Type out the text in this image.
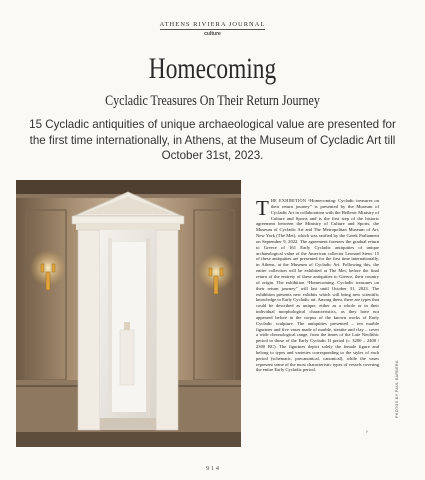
ATHENS RIVIERA JOURNAL
culture
Homecoming
Cycladic Treasures On Their Return Journey
15 Cycladic antiquities of unique archaeological value are presented for the first time internationally, in Athens, at the Museum of Cycladic Art till October 31st, 2023.
THE EXHIBITION “Homecoming: Cycladic treasures on their return journey” is presented by the Museum of Cycladic Art in collaboration with the Hellenic Ministry of Culture and Sports and is the first step of the historic agreement between the Ministry of Culture and Sports, the Museum of Cycladic Art and The Metropolitan Museum of Art, New York (The Met), which was ratified by the Greek Parliament on September 9, 2022. The agreement foresees the gradual return to Greece of 161 Early Cycladic antiquities of unique archaeological value of the American collector Leonard Stern. 15 of these antiquities are presented for the first time internationally, in Athens, at the Museum of Cycladic Art. Following this, the entire collection will be exhibited at The Met, before the final return of the entirety of these antiquities to Greece, their country of origin. The exhibition “Homecoming. Cycladic treasures on their return journey” will last until October 31, 2023. The exhibition presents new exhibits which will bring new scientific knowledge to Early Cycladic art. Among them, there are types that could be described as unique, either as a whole or in their individual morphological characteristics, as they have not appeared before in the corpus of the known works of Early Cycladic sculpture. The antiquities presented – ten marble figurines and five vases made of marble, steatite and clay – cover a wide chronological range, from the times of the Late Neolithic period to those of the Early Cycladic II period (c. 3200 – 2400 / 2300 BC). The figurines depict solely the female figure and belong to types and varieties corresponding to the styles of each period (schematic, precanonical, canonical), while the vases represent some of the most characteristic types of vessels covering the entire Early Cycladic period.
›
PHOTOS BY PAUL BARBERA
9 1 4
